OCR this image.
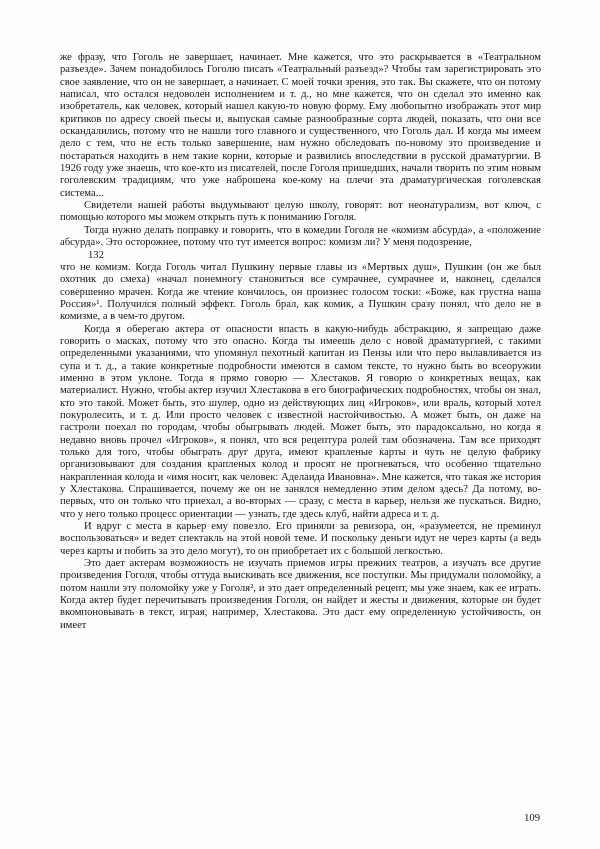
же фразу, что Гоголь не завершает, начинает. Мне кажется, что это раскрывается в «Театральном разъезде». Зачем понадобилось Гоголю писать «Театральный разъезд»? Чтобы там зарегистрировать это свое заявление, что он не завершает, а начинает. С моей точки зрения, это так. Вы скажете, что он потому написал, что остался недоволен исполнением и т. д., но мне кажется, что он сделал это именно как изобретатель, как человек, который нашел какую-то новую форму. Ему любопытно изображать этот мир критиков по адресу своей пьесы и, выпуская самые разнообразные сорта людей, показать, что они все оскандалились, потому что не нашли того главного и существенного, что Гоголь дал. И когда мы имеем дело с тем, что не есть только завершение, нам нужно обследовать по-новому это произведение и постараться находить в нем такие корни, которые и развились впоследствии в русской драматургии. В 1926 году уже знаешь, что кое-кто из писателей, после Гоголя пришедших, начали творить по этим новым гоголевским традициям, что уже наброшена кое-кому на плечи эта драматургическая гоголевская система...

Свидетели нашей работы выдумывают целую школу, говорят: вот неонатурализм, вот ключ, с помощью которого мы можем открыть путь к пониманию Гоголя.

Тогда нужно делать поправку и говорить, что в комедии Гоголя не «комизм абсурда», а «положение абсурда». Это осторожнее, потому что тут имеется вопрос: комизм ли? У меня подозрение,

132

что не комизм. Когда Гоголь читал Пушкину первые главы из «Мертвых душ», Пушкин (он же был охотник до смеха) «начал понемногу становиться все сумрачнее, сумрачнее и, наконец, сделался совершенно мрачен. Когда же чтение кончилось, он произнес голосом тоски: «Боже, как грустна наша Россия»¹. Получился полный эффект. Гоголь брал, как комик, а Пушкин сразу понял, что дело не в комизме, а в чем-то другом.

Когда я оберегаю актера от опасности впасть в какую-нибудь абстракцию, я запрещаю даже говорить о масках, потому что это опасно. Когда ты имеешь дело с новой драматургией, с такими определенными указаниями, что упомянул пехотный капитан из Пензы или что перо вылавливается из супа и т. д., а такие конкретные подробности имеются в самом тексте, то нужно быть во всеоружии именно в этом уклоне. Тогда я прямо говорю — Хлестаков. Я говорю о конкретных вещах, как материалист. Нужно, чтобы актер изучил Хлестакова в его биографических подробностях, чтобы он знал, кто это такой. Может быть, это шулер, одно из действующих лиц «Игроков», или враль, который хотел покуролесить, и т. д. Или просто человек с известной настойчивостью. А может быть, он даже на гастроли поехал по городам, чтобы обыгрывать людей. Может быть, это парадоксально, но когда я недавно вновь прочел «Игроков», я понял, что вся рецептура ролей там обозначена. Там все приходят только для того, чтобы обыграть друг друга, имеют крапленые карты и чуть не целую фабрику организовывают для создания крапленых колод и просят не прогневаться, что особенно тщательно накрапленная колода и «имя носит, как человек: Аделаида Ивановна». Мне кажется, что такая же история у Хлестакова. Спрашивается, почему же он не занялся немедленно этим делом здесь? Да потому, во-первых, что он только что приехал, а во-вторых — сразу, с места в карьер, нельзя же пускаться. Видно, что у него только процесс ориентации — узнать, где здесь клуб, найти адреса и т. д.

И вдруг с места в карьер ему повезло. Его приняли за ревизора, он, «разумеется, не преминул воспользоваться» и ведет спектакль на этой новой теме. И поскольку деньги идут не через карты (а ведь через карты и побить за это дело могут), то он приобретает их с большой легкостью.

Это дает актерам возможность не изучать приемов игры прежних театров, а изучать все другие произведения Гоголя, чтобы оттуда выискивать все движения, все поступки. Мы придумали поломойку, а потом нашли эту поломойку уже у Гоголя², и это дает определенный рецепт, мы уже знаем, как ее играть. Когда актер будет перечитывать произведения Гоголя, он найдет и жесты и движения, которые он будет вкомпоновывать в текст, играя, например, Хлестакова. Это даст ему определенную устойчивость, он имеет

109
